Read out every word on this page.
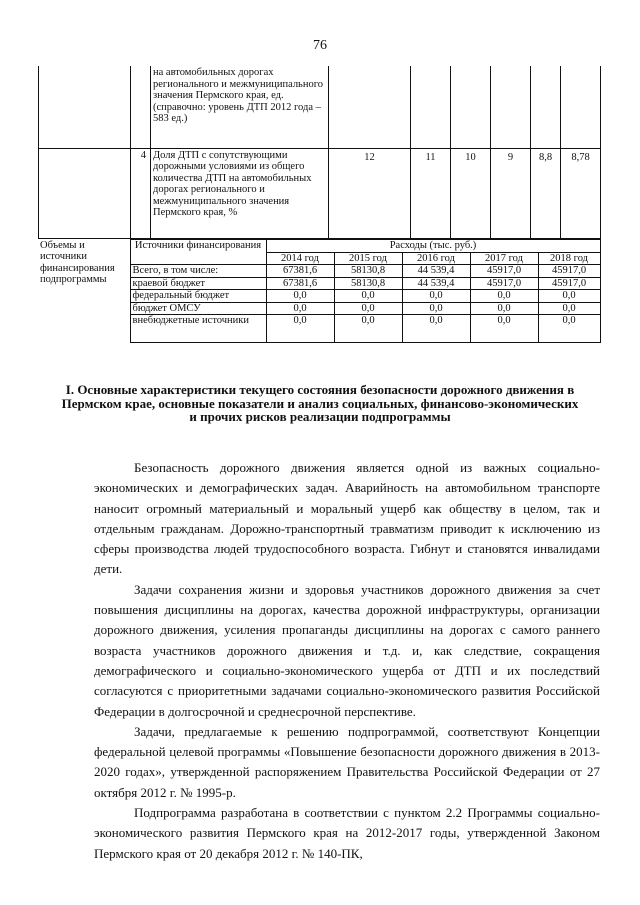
76
		на автомобильных дорогах регионального и межмуниципального значения Пермского края, ед. (справочно: уровень ДТП 2012 года – 583 ед.)						
	4	Доля ДТП с сопутствующими дорожными условиями из общего количества ДТП на автомобильных дорогах регионального и межмуниципального значения Пермского края, %	12	11	10	9	8,8	8,78
Объемы и источники финансирования подпрограммы	Источники финансирования	Расходы (тыс. руб.)				
		2014 год	2015 год	2016 год	2017 год	2018 год
	Всего, в том числе:	67381,6	58130,8	44 539,4	45917,0	45917,0
	краевой бюджет	67381,6	58130,8	44 539,4	45917,0	45917,0
	федеральный бюджет	0,0	0,0	0,0	0,0	0,0
	бюджет ОМСУ	0,0	0,0	0,0	0,0	0,0
	внебюджетные источники	0,0	0,0	0,0	0,0	0,0
I. Основные характеристики текущего состояния безопасности дорожного движения в Пермском крае, основные показатели и анализ социальных, финансово-экономических и прочих рисков реализации подпрограммы

Безопасность дорожного движения является одной из важных социально-экономических и демографических задач. Аварийность на автомобильном транспорте наносит огромный материальный и моральный ущерб как обществу в целом, так и отдельным гражданам. Дорожно-транспортный травматизм приводит к исключению из сферы производства людей трудоспособного возраста. Гибнут и становятся инвалидами дети.

Задачи сохранения жизни и здоровья участников дорожного движения за счет повышения дисциплины на дорогах, качества дорожной инфраструктуры, организации дорожного движения, усиления пропаганды дисциплины на дорогах с самого раннего возраста участников дорожного движения и т.д. и, как следствие, сокращения демографического и социально-экономического ущерба от ДТП и их последствий согласуются с приоритетными задачами социально-экономического развития Российской Федерации в долгосрочной и среднесрочной перспективе.

Задачи, предлагаемые к решению подпрограммой, соответствуют Концепции федеральной целевой программы «Повышение безопасности дорожного движения в 2013-2020 годах», утвержденной распоряжением Правительства Российской Федерации от 27 октября 2012 г. № 1995-р.

Подпрограмма разработана в соответствии с пунктом 2.2 Программы социально-экономического развития Пермского края на 2012-2017 годы, утвержденной Законом Пермского края от 20 декабря 2012 г. № 140-ПК,
